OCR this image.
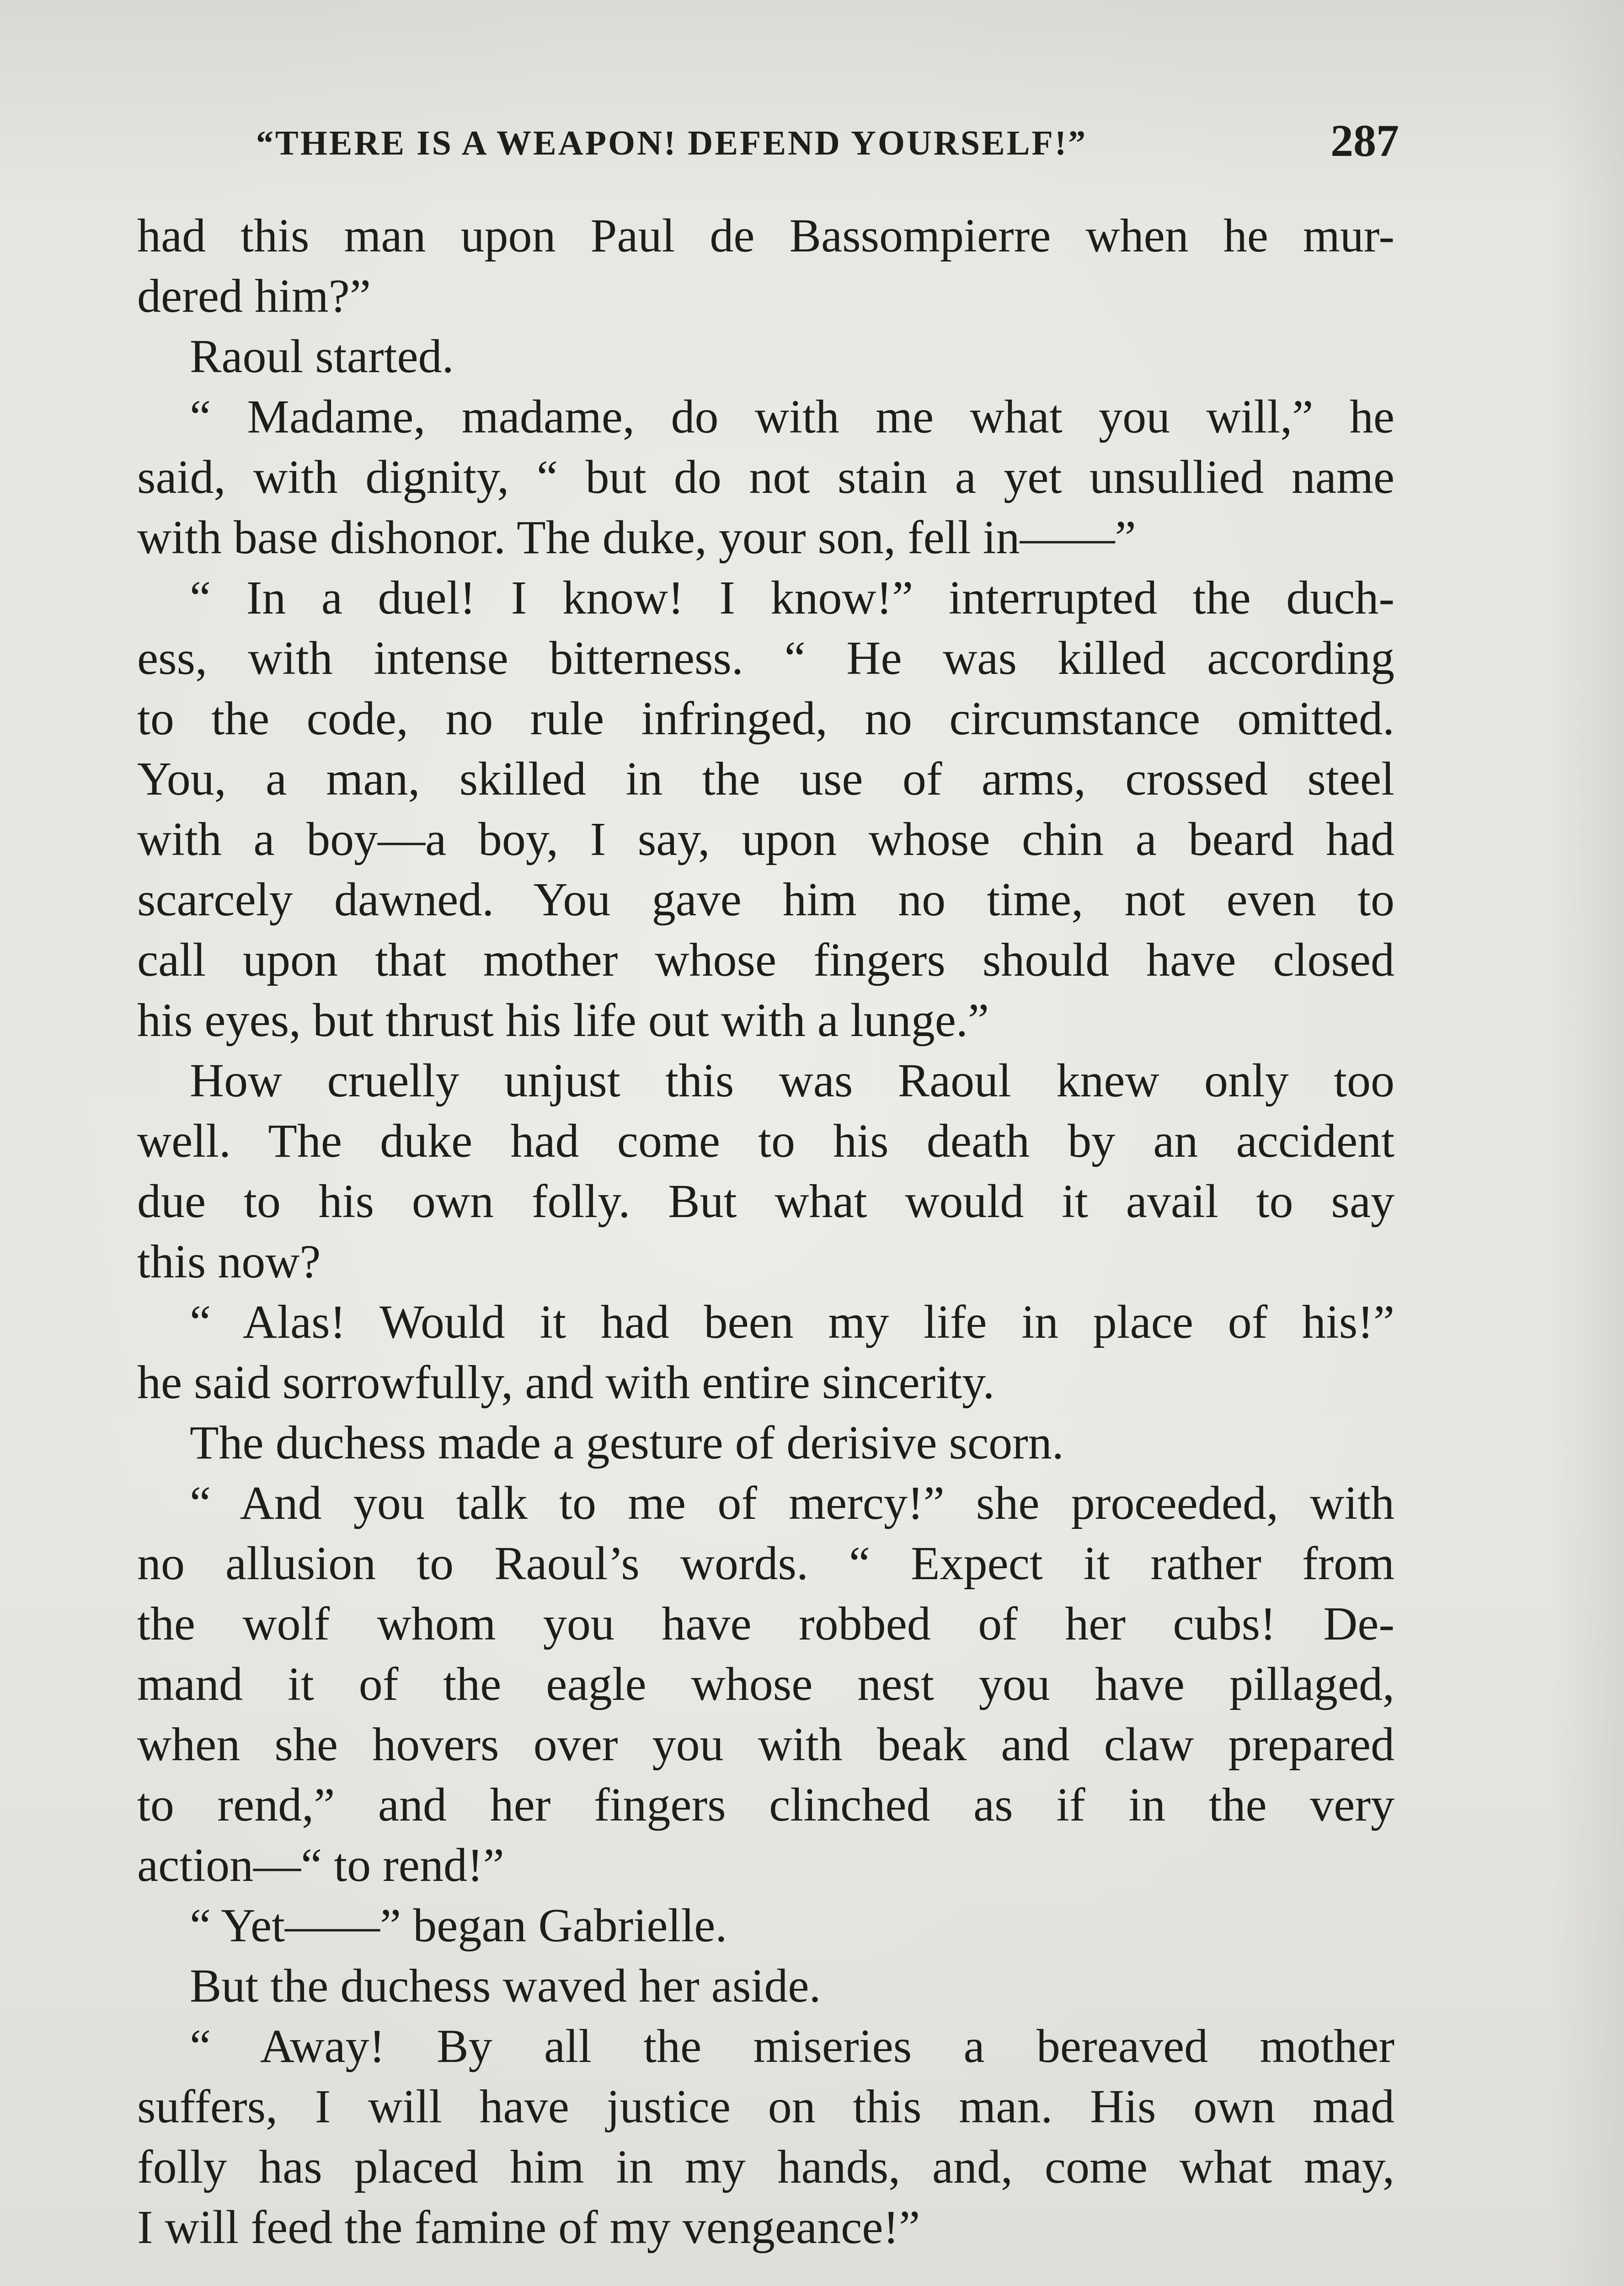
“THERE IS A WEAPON! DEFEND YOURSELF!”	287
had this man upon Paul de Bassompierre when he mur-
dered him?”
Raoul started.
“ Madame, madame, do with me what you will,” he
said, with dignity, “ but do not stain a yet unsullied name
with base dishonor. The duke, your son, fell in——”
“ In a duel! I know! I know!” interrupted the duch-
ess, with intense bitterness. “ He was killed according
to the code, no rule infringed, no circumstance omitted.
You, a man, skilled in the use of arms, crossed steel
with a boy—a boy, I say, upon whose chin a beard had
scarcely dawned. You gave him no time, not even to
call upon that mother whose fingers should have closed
his eyes, but thrust his life out with a lunge.”
How cruelly unjust this was Raoul knew only too
well. The duke had come to his death by an accident
due to his own folly. But what would it avail to say
this now?
“ Alas! Would it had been my life in place of his!”
he said sorrowfully, and with entire sincerity.
The duchess made a gesture of derisive scorn.
“ And you talk to me of mercy!” she proceeded, with
no allusion to Raoul’s words. “ Expect it rather from
the wolf whom you have robbed of her cubs! De-
mand it of the eagle whose nest you have pillaged,
when she hovers over you with beak and claw prepared
to rend,” and her fingers clinched as if in the very
action—“ to rend!”
“ Yet——” began Gabrielle.
But the duchess waved her aside.
“ Away! By all the miseries a bereaved mother
suffers, I will have justice on this man. His own mad
folly has placed him in my hands, and, come what may,
I will feed the famine of my vengeance!”
